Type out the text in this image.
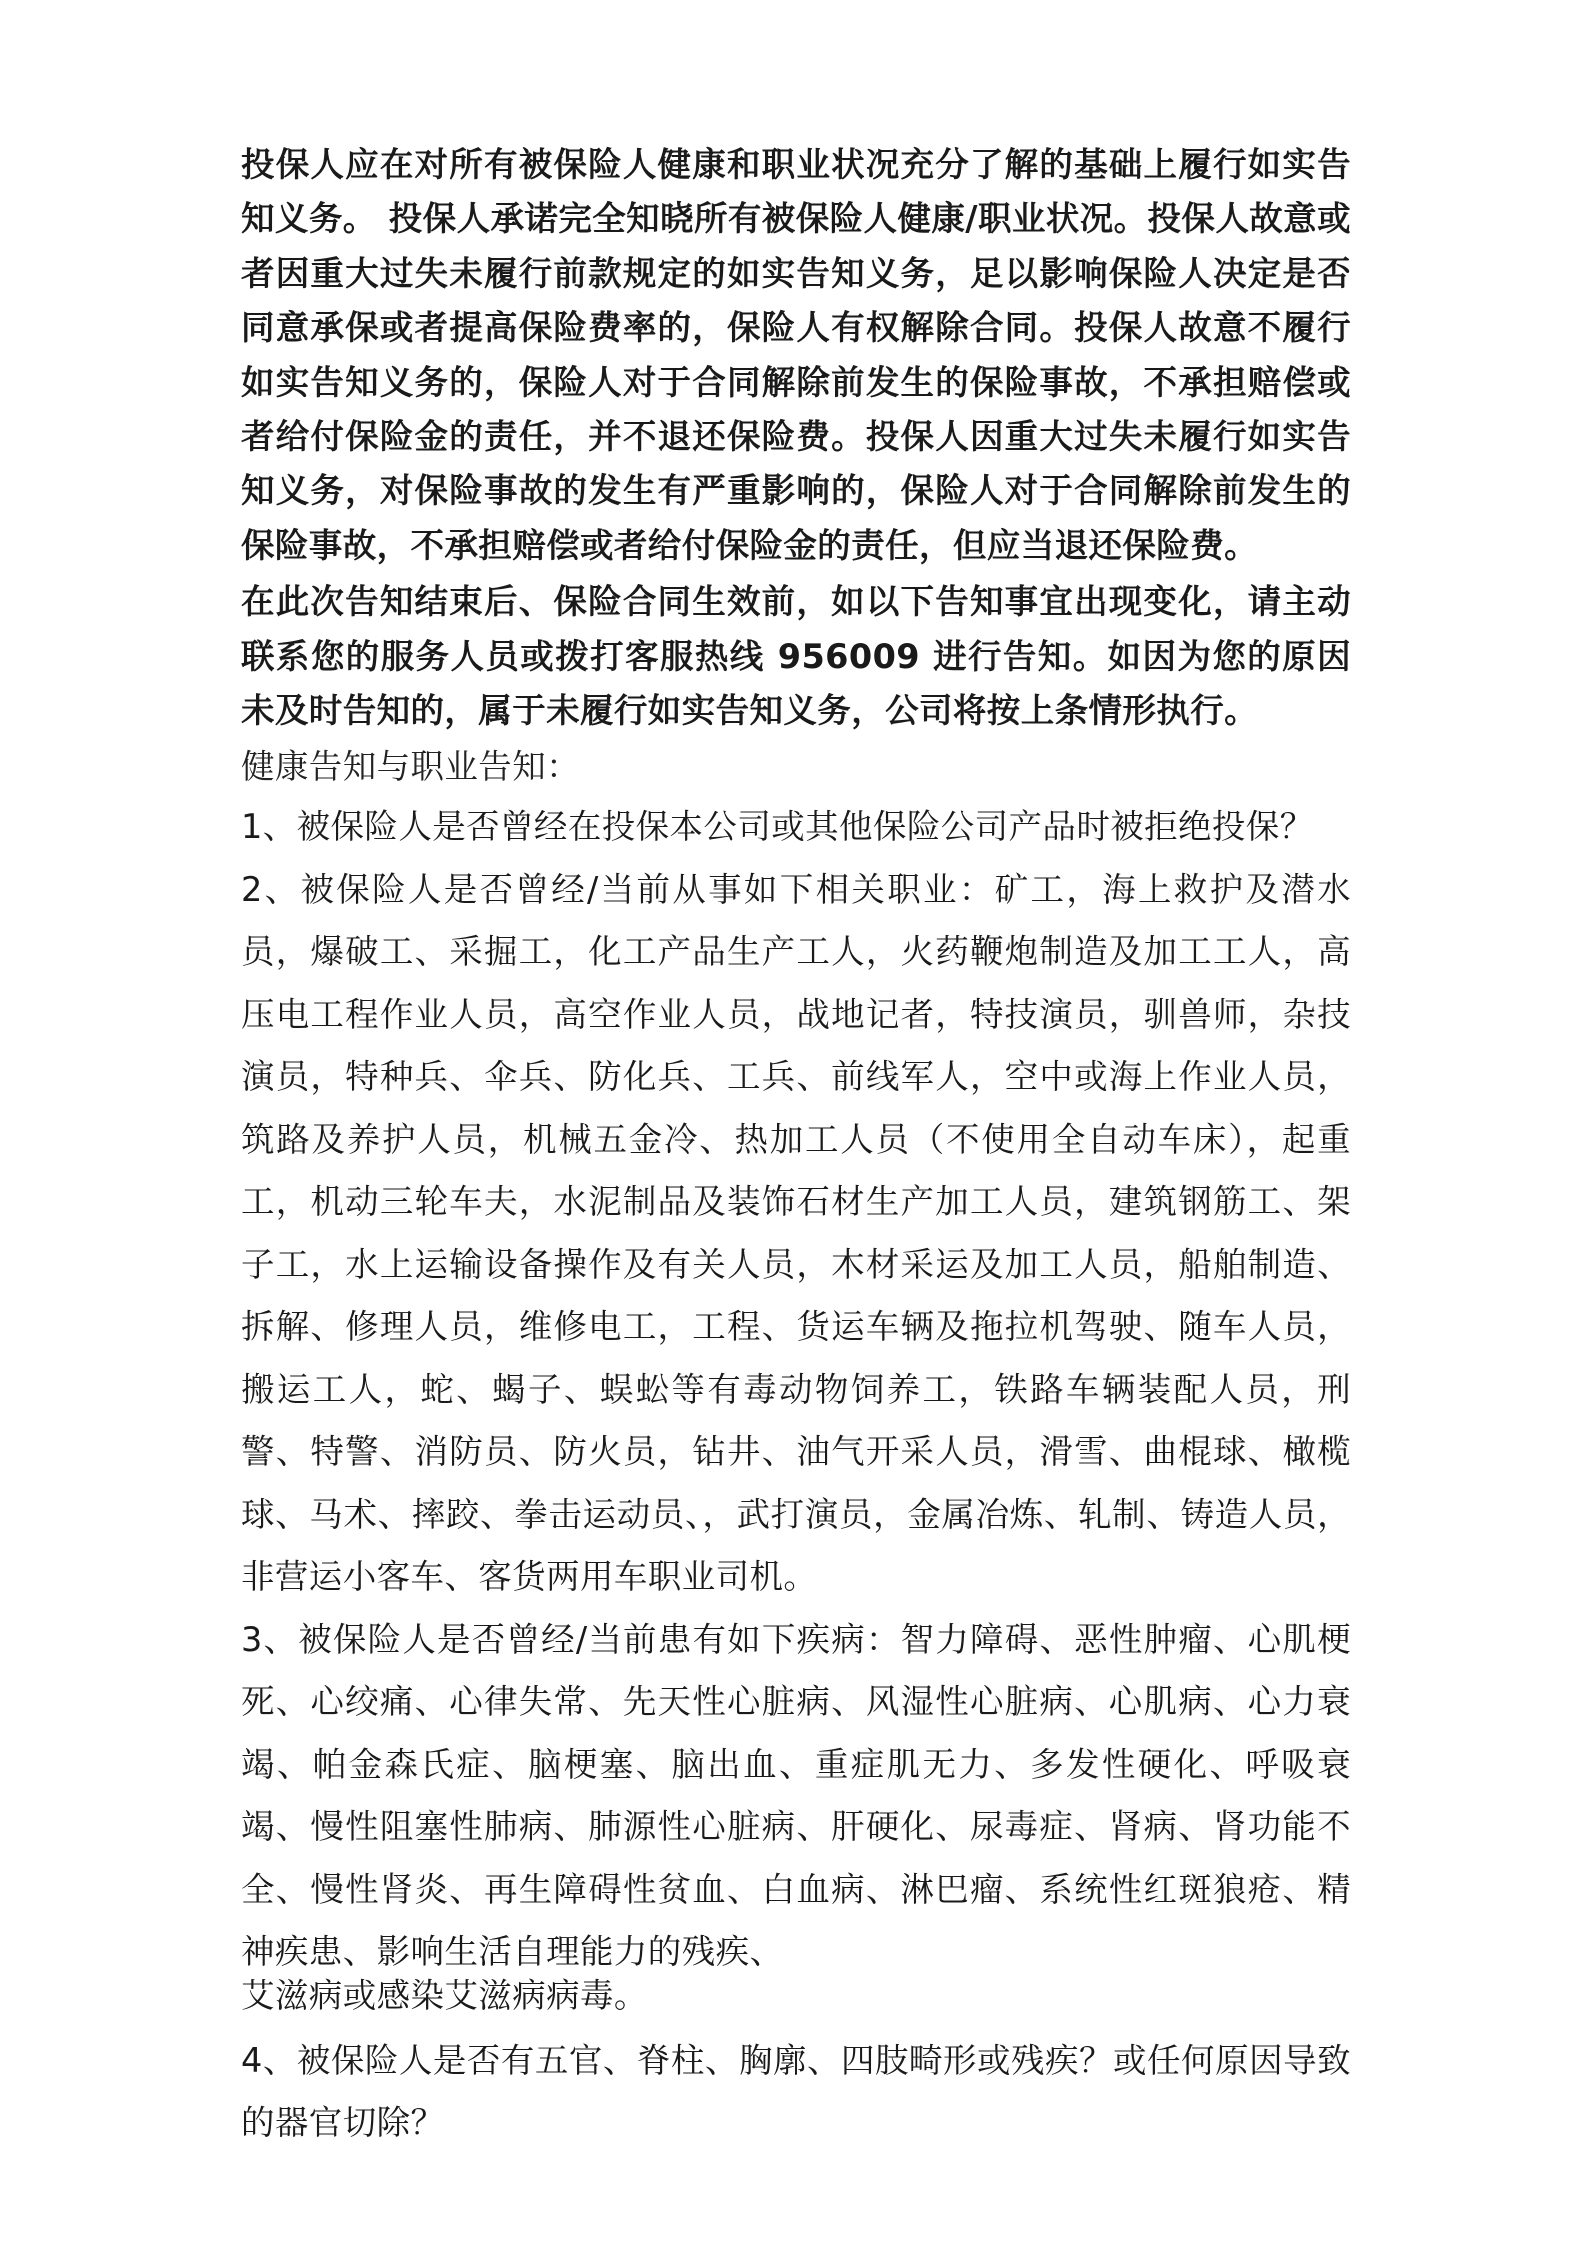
投保人应在对所有被保险人健康和职业状况充分了解的基础上履行如实告知义务。 投保人承诺完全知晓所有被保险人健康/职业状况。投保人故意或者因重大过失未履行前款规定的如实告知义务，足以影响保险人决定是否同意承保或者提高保险费率的，保险人有权解除合同。投保人故意不履行如实告知义务的，保险人对于合同解除前发生的保险事故，不承担赔偿或者给付保险金的责任，并不退还保险费。投保人因重大过失未履行如实告知义务，对保险事故的发生有严重影响的，保险人对于合同解除前发生的保险事故，不承担赔偿或者给付保险金的责任，但应当退还保险费。

在此次告知结束后、保险合同生效前，如以下告知事宜出现变化，请主动联系您的服务人员或拨打客服热线 956009 进行告知。如因为您的原因未及时告知的，属于未履行如实告知义务，公司将按上条情形执行。

健康告知与职业告知：

1、被保险人是否曾经在投保本公司或其他保险公司产品时被拒绝投保？

2、被保险人是否曾经/当前从事如下相关职业：矿工，海上救护及潜水员，爆破工、采掘工，化工产品生产工人，火药鞭炮制造及加工工人，高压电工程作业人员，高空作业人员，战地记者，特技演员，驯兽师，杂技演员，特种兵、伞兵、防化兵、工兵、前线军人，空中或海上作业人员，筑路及养护人员，机械五金冷、热加工人员（不使用全自动车床），起重工，机动三轮车夫，水泥制品及装饰石材生产加工人员，建筑钢筋工、架子工，水上运输设备操作及有关人员，木材采运及加工人员，船舶制造、拆解、修理人员，维修电工，工程、货运车辆及拖拉机驾驶、随车人员，搬运工人，蛇、蝎子、蜈蚣等有毒动物饲养工，铁路车辆装配人员，刑警、特警、消防员、防火员，钻井、油气开采人员，滑雪、曲棍球、橄榄球、马术、摔跤、拳击运动员、，武打演员，金属冶炼、轧制、铸造人员，非营运小客车、客货两用车职业司机。

3、被保险人是否曾经/当前患有如下疾病：智力障碍、恶性肿瘤、心肌梗死、心绞痛、心律失常、先天性心脏病、风湿性心脏病、心肌病、心力衰竭、帕金森氏症、脑梗塞、脑出血、重症肌无力、多发性硬化、呼吸衰竭、慢性阻塞性肺病、肺源性心脏病、肝硬化、尿毒症、肾病、肾功能不全、慢性肾炎、再生障碍性贫血、白血病、淋巴瘤、系统性红斑狼疮、精神疾患、影响生活自理能力的残疾、
艾滋病或感染艾滋病病毒。

4、被保险人是否有五官、脊柱、胸廓、四肢畸形或残疾？或任何原因导致的器官切除？
